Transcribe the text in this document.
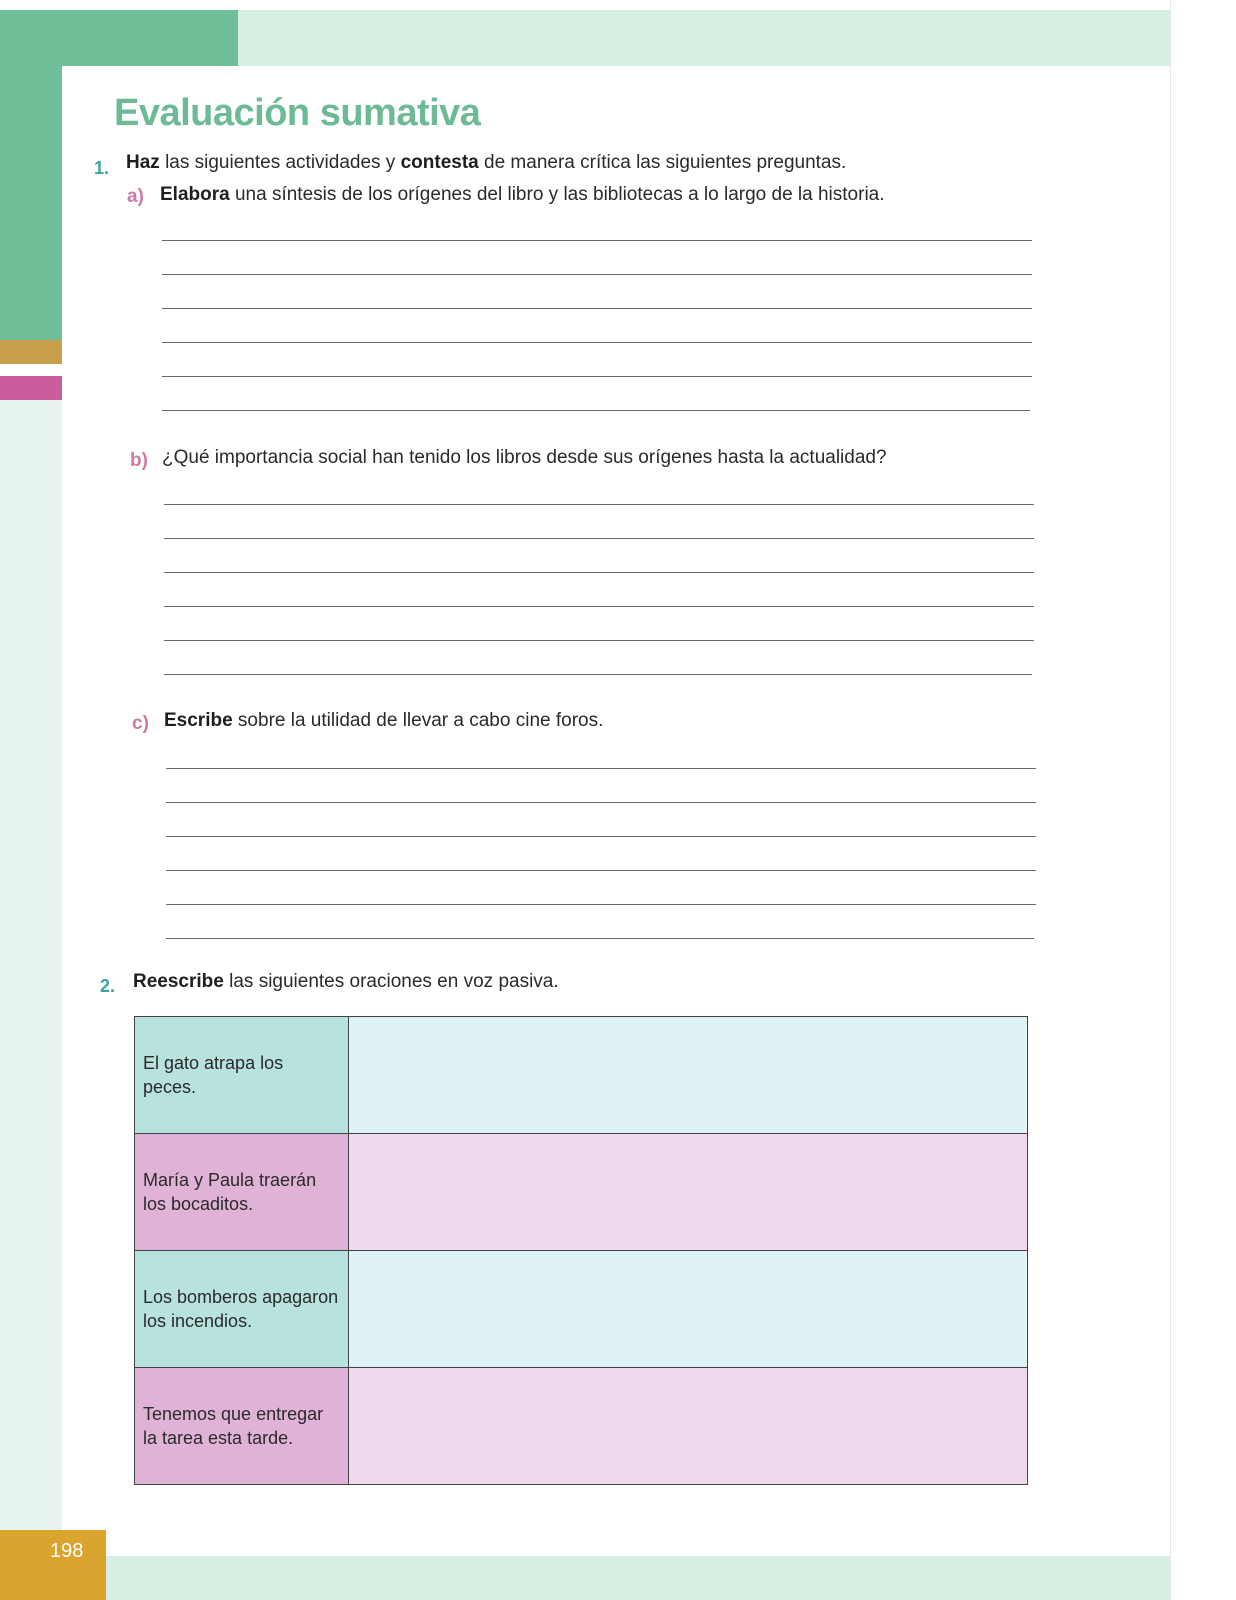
Evaluación sumativa
1. Haz las siguientes actividades y contesta de manera crítica las siguientes preguntas.
a) Elabora una síntesis de los orígenes del libro y las bibliotecas a lo largo de la historia.
b) ¿Qué importancia social han tenido los libros desde sus orígenes hasta la actualidad?
c) Escribe sobre la utilidad de llevar a cabo cine foros.
2. Reescribe las siguientes oraciones en voz pasiva.
El gato atrapa los peces.
María y Paula traerán los bocaditos.
Los bomberos apagaron los incendios.
Tenemos que entregar la tarea esta tarde.
198
